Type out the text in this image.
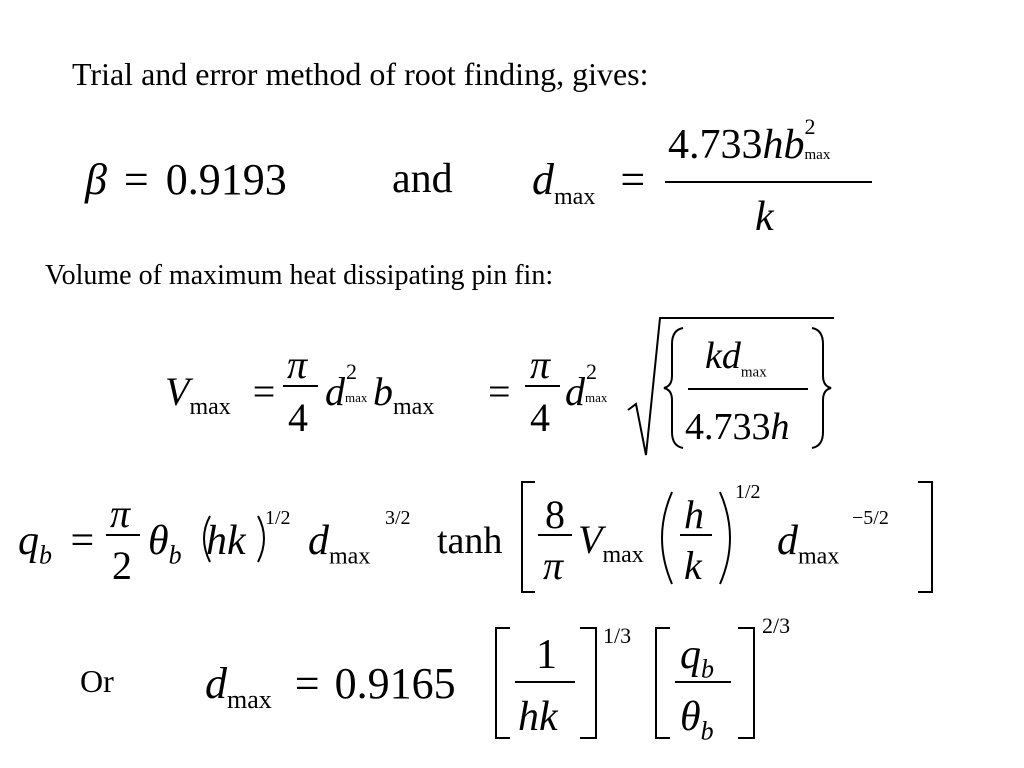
Trial and error method of root finding, gives:
β = 0.9193	and $d_{max}$ =
4.733hb 2
max
k
Volume of maximum heat dissipating pin fin:
$V_{max}$ =
π
4
d 2
$\max b_{max}$ =
π
4
d 2
max
$kd_{max}$
4.733h
$q_b$ =
π
2
$\theta_b$ hk 1/2 $d_{max}$
3/2
tanh
8
π
$V_{max}$
h
k
1/2
$d_{max}$
−5/2
Or $d_{max} = 0.9165$
1
hk
1/3 $q_b$
$\theta_b$
2/3
